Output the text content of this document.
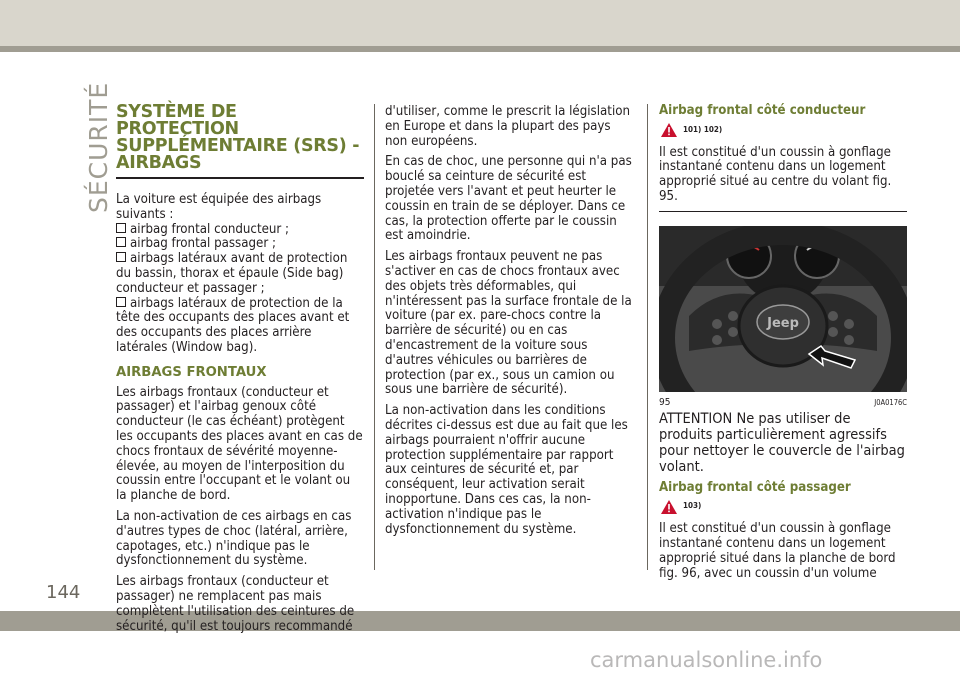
SÉCURITÉ
144
carmanualsonline.info
SYSTÈME DE PROTECTION
SUPPLÉMENTAIRE (SRS) -
AIRBAGS

La voiture est équipée des airbags suivants :

airbag frontal conducteur ;
airbag frontal passager ;
airbags latéraux avant de protection du bassin, thorax et épaule (Side bag) conducteur et passager ;
airbags latéraux de protection de la tête des occupants des places avant et des occupants des places arrière latérales (Window bag).
AIRBAGS FRONTAUX

Les airbags frontaux (conducteur et passager) et l'airbag genoux côté conducteur (le cas échéant) protègent les occupants des places avant en cas de chocs frontaux de sévérité moyenne-élevée, au moyen de l'interposition du coussin entre l'occupant et le volant ou la planche de bord.

La non-activation de ces airbags en cas d'autres types de choc (latéral, arrière, capotages, etc.) n'indique pas le dysfonctionnement du système.

Les airbags frontaux (conducteur et passager) ne remplacent pas mais complètent l'utilisation des ceintures de sécurité, qu'il est toujours recommandé

d'utiliser, comme le prescrit la législation en Europe et dans la plupart des pays non européens.

En cas de choc, une personne qui n'a pas bouclé sa ceinture de sécurité est projetée vers l'avant et peut heurter le coussin en train de se déployer. Dans ce cas, la protection offerte par le coussin est amoindrie.

Les airbags frontaux peuvent ne pas s'activer en cas de chocs frontaux avec des objets très déformables, qui n'intéressent pas la surface frontale de la voiture (par ex. pare-chocs contre la barrière de sécurité) ou en cas d'encastrement de la voiture sous d'autres véhicules ou barrières de protection (par ex., sous un camion ou sous une barrière de sécurité).

La non-activation dans les conditions décrites ci-dessus est due au fait que les airbags pourraient n'offrir aucune protection supplémentaire par rapport aux ceintures de sécurité et, par conséquent, leur activation serait inopportune. Dans ces cas, la non-activation n'indique pas le dysfonctionnement du système.

Airbag frontal côté conducteur
101) 102)

Il est constitué d'un coussin à gonflage instantané contenu dans un logement approprié situé au centre du volant fig. 95.

Jeep
95	J0A0176C

ATTENTION Ne pas utiliser de produits particulièrement agressifs pour nettoyer le couvercle de l'airbag volant.

Airbag frontal côté passager
103)

Il est constitué d'un coussin à gonflage instantané contenu dans un logement approprié situé dans la planche de bord fig. 96, avec un coussin d'un volume
